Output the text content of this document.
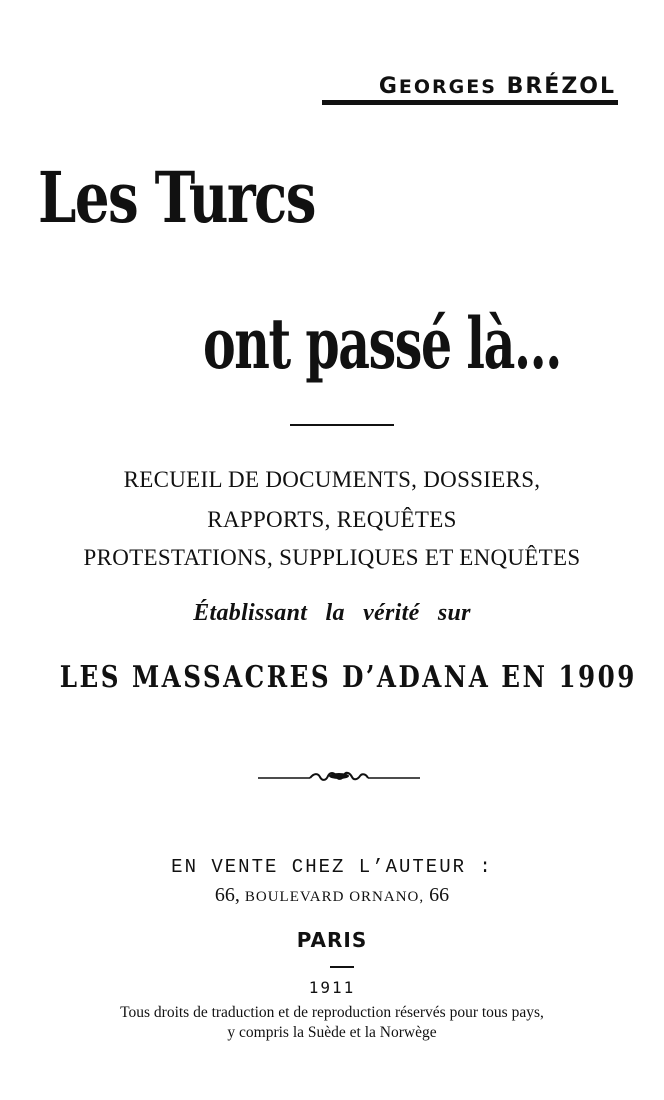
GEORGES BRÉZOL
Les Turcs
ont passé là...

RECUEIL DE DOCUMENTS, DOSSIERS,

RAPPORTS, REQUÊTES

PROTESTATIONS, SUPPLIQUES ET ENQUÊTES

Établissant la vérité sur

LES MASSACRES D’ADANA EN 1909

EN VENTE CHEZ L’AUTEUR :

66, BOULEVARD ORNANO, 66

PARIS

1911

Tous droits de traduction et de reproduction réservés pour tous pays,

y compris la Suède et la Norwège
